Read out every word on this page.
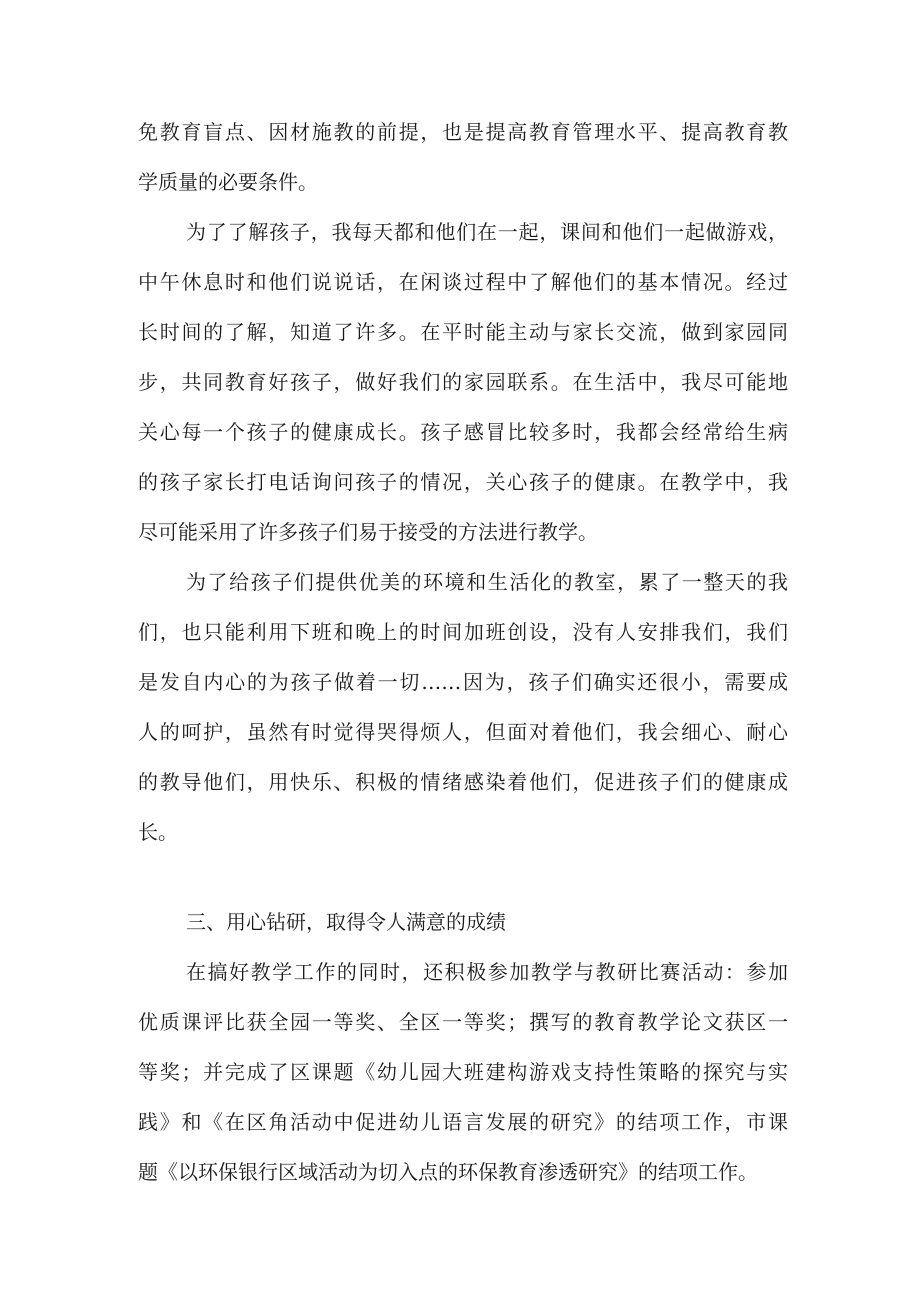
免教育盲点、因材施教的前提，也是提高教育管理水平、提高教育教
学质量的必要条件。
为了了解孩子，我每天都和他们在一起，课间和他们一起做游戏，
中午休息时和他们说说话，在闲谈过程中了解他们的基本情况。经过
长时间的了解，知道了许多。在平时能主动与家长交流，做到家园同
步，共同教育好孩子，做好我们的家园联系。在生活中，我尽可能地
关心每一个孩子的健康成长。孩子感冒比较多时，我都会经常给生病
的孩子家长打电话询问孩子的情况，关心孩子的健康。在教学中，我
尽可能采用了许多孩子们易于接受的方法进行教学。
为了给孩子们提供优美的环境和生活化的教室，累了一整天的我
们，也只能利用下班和晚上的时间加班创设，没有人安排我们，我们
是发自内心的为孩子做着一切……因为，孩子们确实还很小，需要成
人的呵护，虽然有时觉得哭得烦人，但面对着他们，我会细心、耐心
的教导他们，用快乐、积极的情绪感染着他们，促进孩子们的健康成
长。
三、用心钻研，取得令人满意的成绩
在搞好教学工作的同时，还积极参加教学与教研比赛活动：参加
优质课评比获全园一等奖、全区一等奖；撰写的教育教学论文获区一
等奖；并完成了区课题《幼儿园大班建构游戏支持性策略的探究与实
践》和《在区角活动中促进幼儿语言发展的研究》的结项工作，市课
题《以环保银行区域活动为切入点的环保教育渗透研究》的结项工作。
